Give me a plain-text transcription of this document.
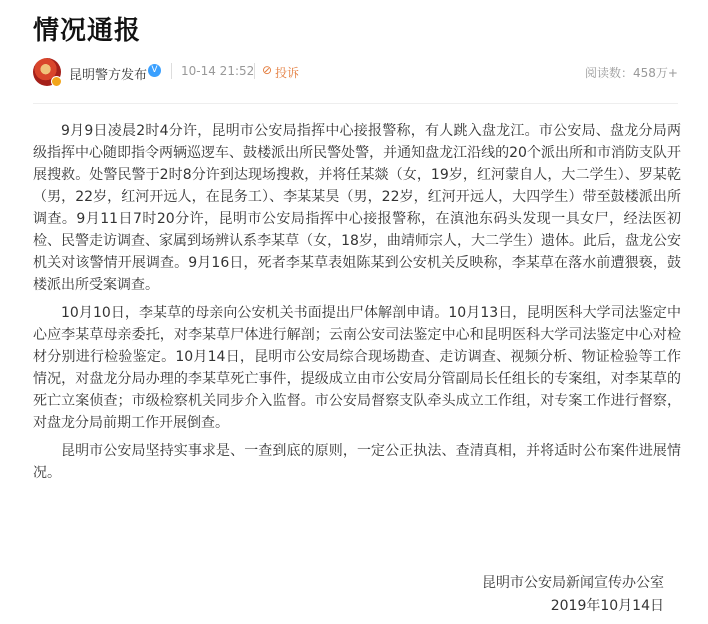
情况通报
昆明警方发布 V 10-14 21:52 ⊘ 投诉	阅读数：458万+

9月9日凌晨2时4分许，昆明市公安局指挥中心接报警称，有人跳入盘龙江。市公安局、盘龙分局两级指挥中心随即指令两辆巡逻车、鼓楼派出所民警处警，并通知盘龙江沿线的20个派出所和市消防支队开展搜救。处警民警于2时8分许到达现场搜救，并将任某燚（女，19岁，红河蒙自人，大二学生）、罗某乾（男，22岁，红河开远人，在昆务工）、李某某昊（男，22岁，红河开远人，大四学生）带至鼓楼派出所调查。9月11日7时20分许，昆明市公安局指挥中心接报警称，在滇池东码头发现一具女尸，经法医初检、民警走访调查、家属到场辨认系李某草（女，18岁，曲靖师宗人，大二学生）遗体。此后，盘龙公安机关对该警情开展调查。9月16日，死者李某草表姐陈某到公安机关反映称，李某草在落水前遭猥亵，鼓楼派出所受案调查。

10月10日，李某草的母亲向公安机关书面提出尸体解剖申请。10月13日，昆明医科大学司法鉴定中心应李某草母亲委托，对李某草尸体进行解剖；云南公安司法鉴定中心和昆明医科大学司法鉴定中心对检材分别进行检验鉴定。10月14日，昆明市公安局综合现场勘查、走访调查、视频分析、物证检验等工作情况，对盘龙分局办理的李某草死亡事件，提级成立由市公安局分管副局长任组长的专案组，对李某草的死亡立案侦查；市级检察机关同步介入监督。市公安局督察支队牵头成立工作组，对专案工作进行督察，对盘龙分局前期工作开展倒查。

昆明市公安局坚持实事求是、一查到底的原则，一定公正执法、查清真相，并将适时公布案件进展情况。

昆明市公安局新闻宣传办公室
2019年10月14日
